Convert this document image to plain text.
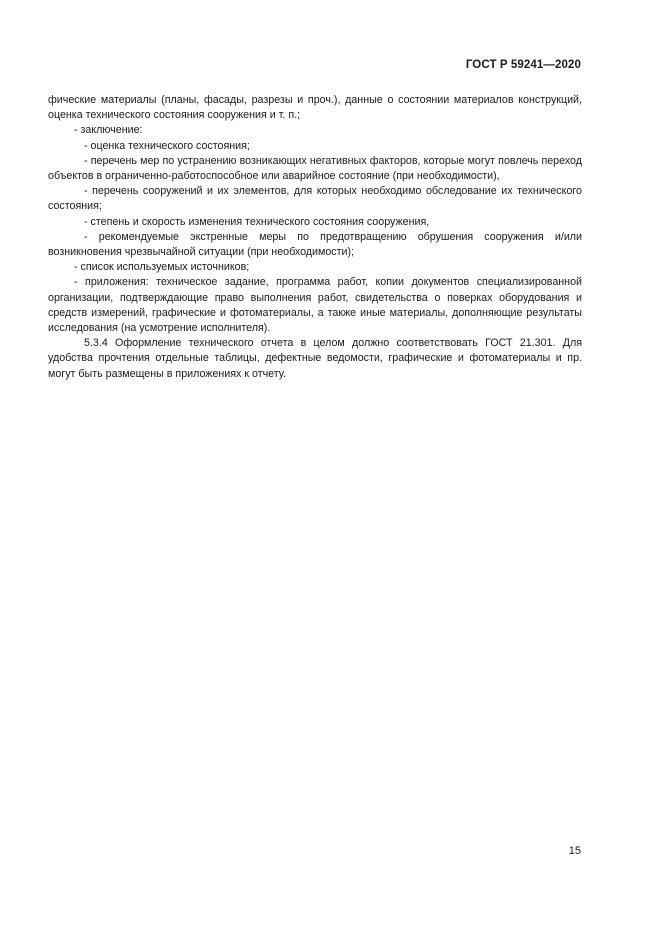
ГОСТ Р 59241—2020

фические материалы (планы, фасады, разрезы и проч.), данные о состоянии материалов конструкций, оценка технического состояния сооружения и т. п.;

- заключение:

- оценка технического состояния;

- перечень мер по устранению возникающих негативных факторов, которые могут повлечь переход объектов в ограниченно-работоспособное или аварийное состояние (при необходимости),

- перечень сооружений и их элементов, для которых необходимо обследование их технического состояния;

- степень и скорость изменения технического состояния сооружения,

- рекомендуемые экстренные меры по предотвращению обрушения сооружения и/или возникновения чрезвычайной ситуации (при необходимости);

- список используемых источников;

- приложения: техническое задание, программа работ, копии документов специализированной организации, подтверждающие право выполнения работ, свидетельства о поверках оборудования и средств измерений, графические и фотоматериалы, а также иные материалы, дополняющие результаты исследования (на усмотрение исполнителя).

5.3.4 Оформление технического отчета в целом должно соответствовать ГОСТ 21.301. Для удобства прочтения отдельные таблицы, дефектные ведомости, графические и фотоматериалы и пр. могут быть размещены в приложениях к отчету.

15
